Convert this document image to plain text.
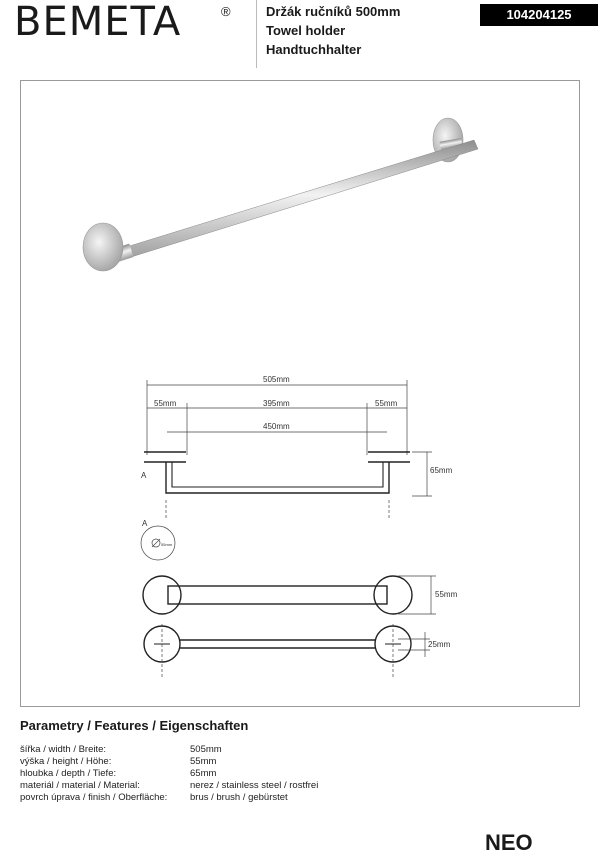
BEMETA	®	Držák ručníků 500mm
Towel holder
Handtuchhalter
104204125
505mm
55mm	395mm	55mm
450mm
65mm
55mm
25mm
A
A
55mm
Parametry / Features / Eigenschaften
šířka / width / Breite:	505mm
výška / height / Höhe:	55mm
hloubka / depth / Tiefe:	65mm
materiál / material / Material:	nerez / stainless steel / rostfrei
povrch úprava / finish / Oberfläche:	brus / brush / gebürstet
NEO
